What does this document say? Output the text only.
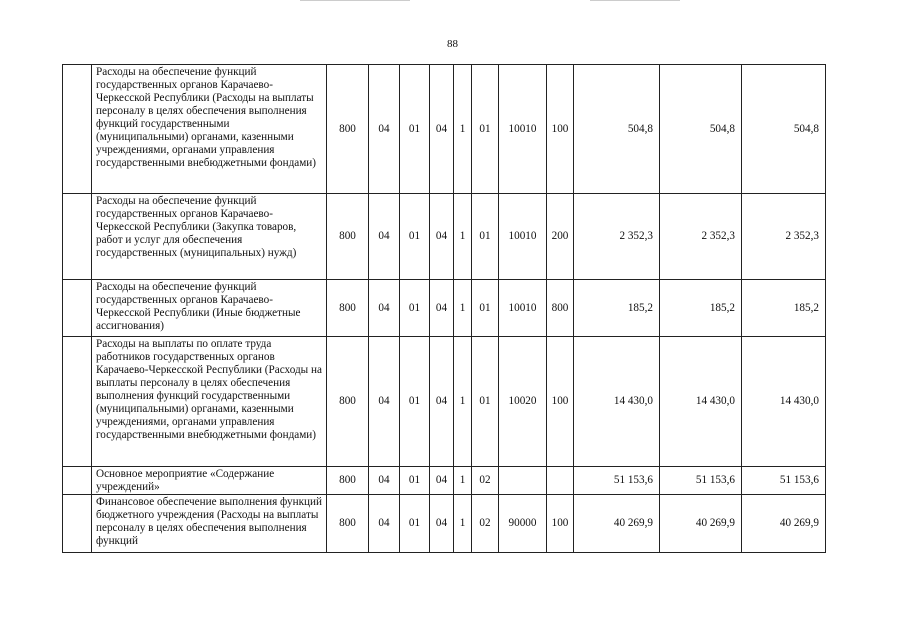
88
	Расходы на обеспечение функций государственных органов Карачаево-Черкесской Республики (Расходы на выплаты персоналу в целях обеспечения выполнения функций государственными (муниципальными) органами, казенными учреждениями, органами управления государственными внебюджетными фондами)	800	04	01	04	1	01	10010	100	504,8	504,8	504,8
	Расходы на обеспечение функций государственных органов Карачаево-Черкесской Республики (Закупка товаров, работ и услуг для обеспечения государственных (муниципальных) нужд)	800	04	01	04	1	01	10010	200	2 352,3	2 352,3	2 352,3
	Расходы на обеспечение функций государственных органов Карачаево-Черкесской Республики (Иные бюджетные ассигнования)	800	04	01	04	1	01	10010	800	185,2	185,2	185,2
	Расходы на выплаты по оплате труда работников государственных органов Карачаево-Черкесской Республики (Расходы на выплаты персоналу в целях обеспечения выполнения функций государственными (муниципальными) органами, казенными учреждениями, органами управления государственными внебюджетными фондами)	800	04	01	04	1	01	10020	100	14 430,0	14 430,0	14 430,0
	Основное мероприятие «Содержание учреждений»	800	04	01	04	1	02			51 153,6	51 153,6	51 153,6
	Финансовое обеспечение выполнения функций бюджетного учреждения (Расходы на выплаты персоналу в целях обеспечения выполнения функций	800	04	01	04	1	02	90000	100	40 269,9	40 269,9	40 269,9
